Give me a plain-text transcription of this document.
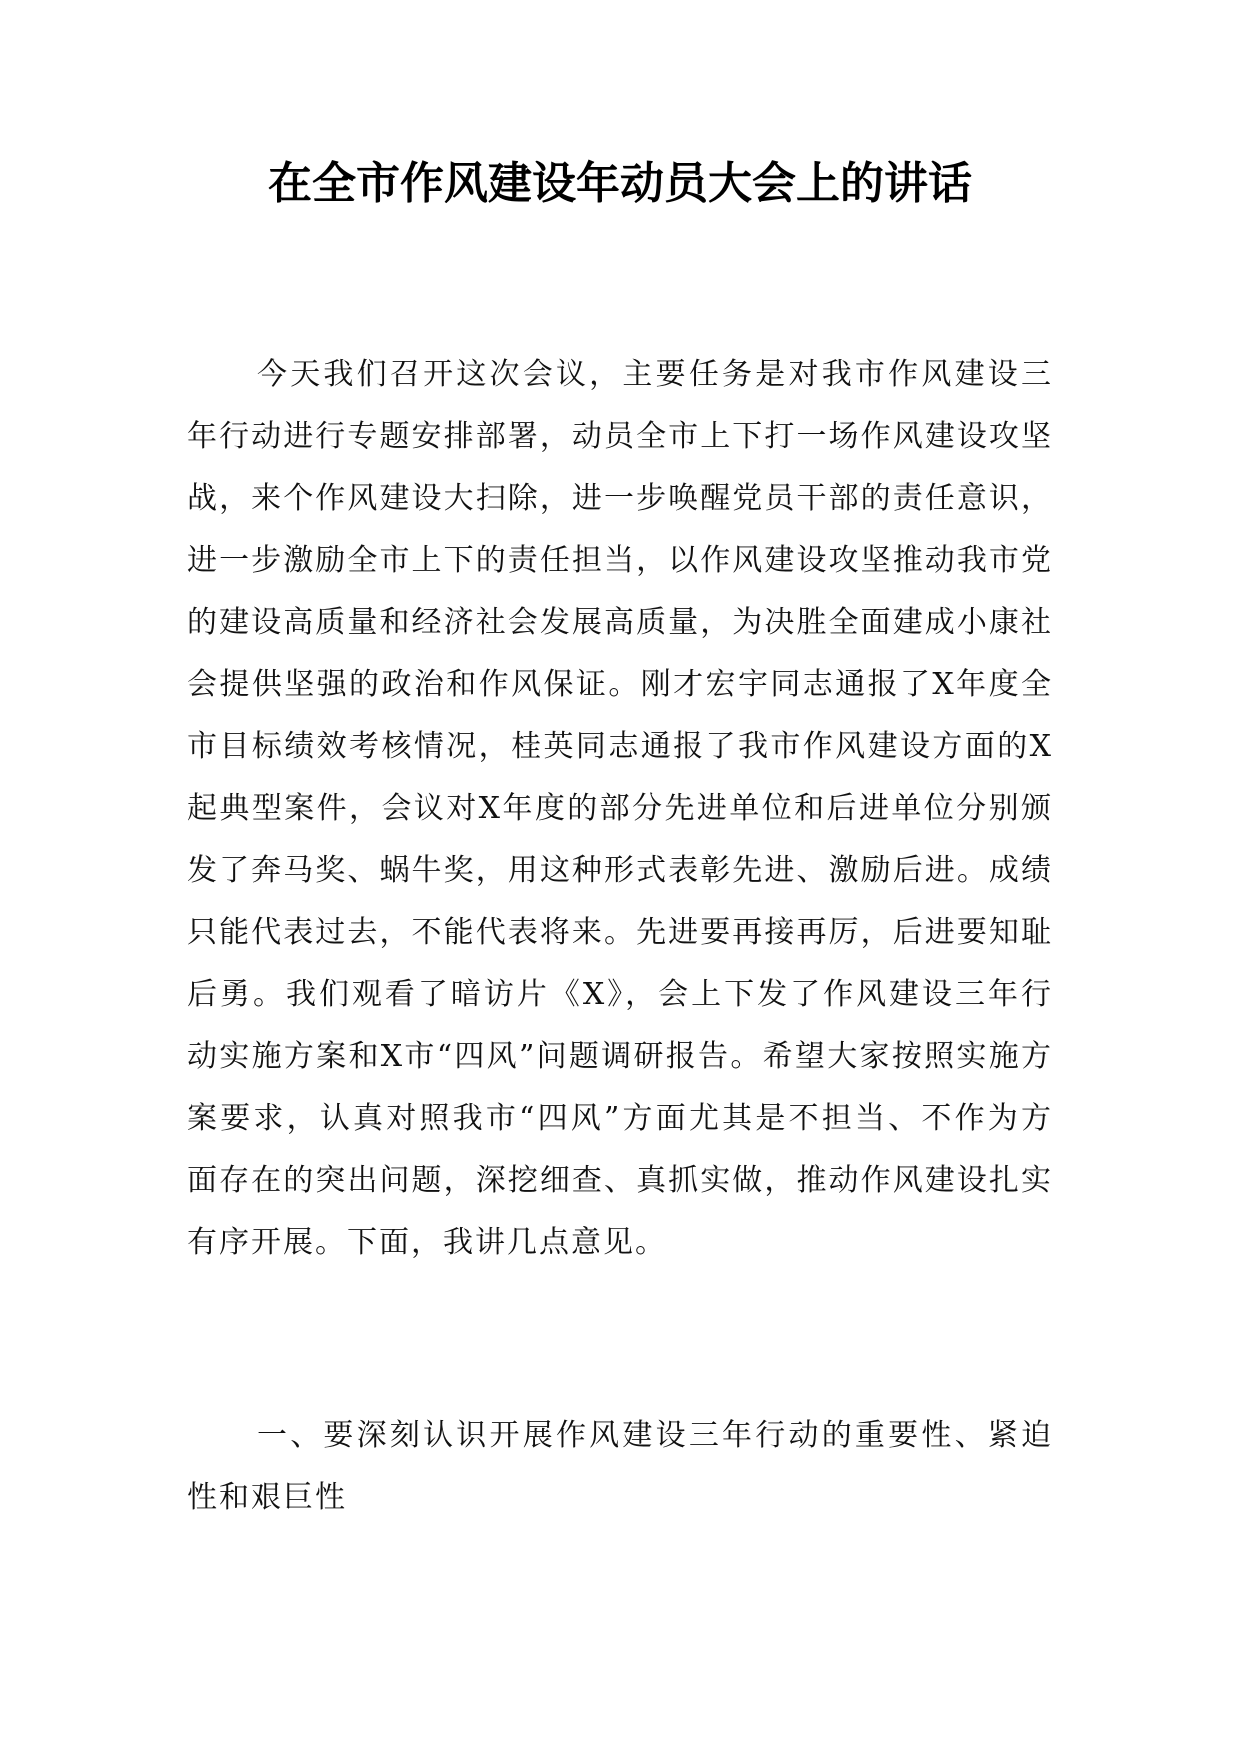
在全市作风建设年动员大会上的讲话

今天我们召开这次会议，主要任务是对我市作风建设三年行动进行专题安排部署，动员全市上下打一场作风建设攻坚战，来个作风建设大扫除，进一步唤醒党员干部的责任意识，进一步激励全市上下的责任担当，以作风建设攻坚推动我市党的建设高质量和经济社会发展高质量，为决胜全面建成小康社会提供坚强的政治和作风保证。刚才宏宇同志通报了X年度全市目标绩效考核情况，桂英同志通报了我市作风建设方面的X起典型案件，会议对X年度的部分先进单位和后进单位分别颁发了奔马奖、蜗牛奖，用这种形式表彰先进、激励后进。成绩只能代表过去，不能代表将来。先进要再接再厉，后进要知耻后勇。我们观看了暗访片《X》，会上下发了作风建设三年行动实施方案和X市“四风”问题调研报告。希望大家按照实施方案要求，认真对照我市“四风”方面尤其是不担当、不作为方面存在的突出问题，深挖细查、真抓实做，推动作风建设扎实有序开展。下面，我讲几点意见。

一、要深刻认识开展作风建设三年行动的重要性、紧迫性和艰巨性
